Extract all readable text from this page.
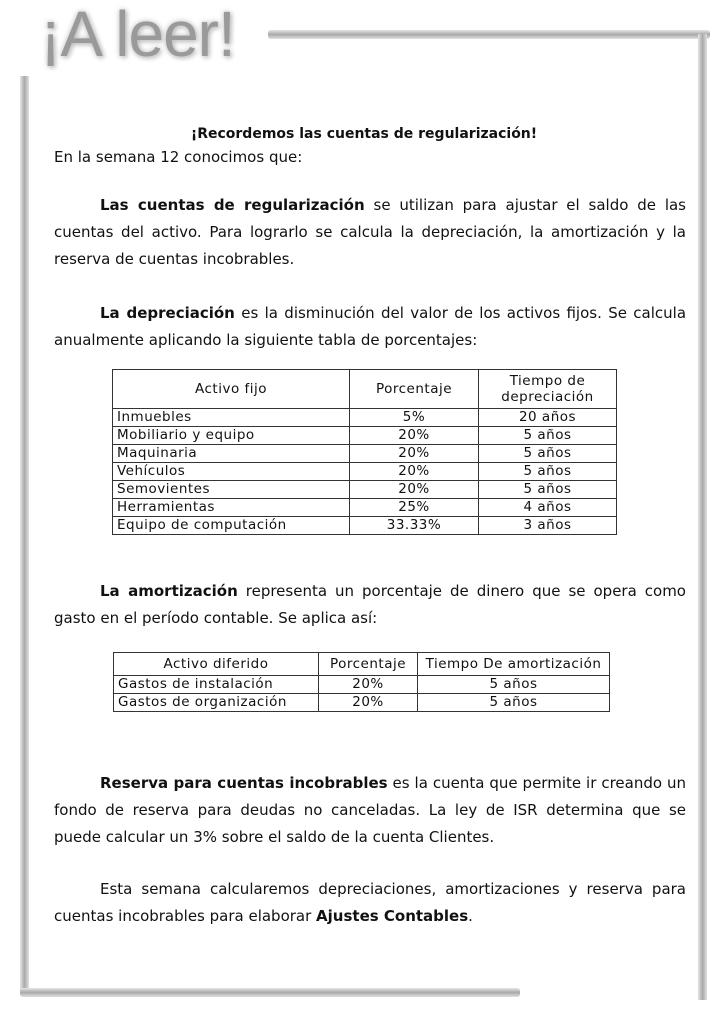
¡A leer!
¡Recordemos las cuentas de regularización!
En la semana 12 conocimos que:
Las cuentas de regularización se utilizan para ajustar el saldo de las cuentas del activo. Para lograrlo se calcula la depreciación, la amortización y la reserva de cuentas incobrables.
La depreciación es la disminución del valor de los activos fijos. Se calcula anualmente aplicando la siguiente tabla de porcentajes:
Activo fijo	Porcentaje	Tiempo de depreciación
Inmuebles	5%	20 años
Mobiliario y equipo	20%	5 años
Maquinaria	20%	5 años
Vehículos	20%	5 años
Semovientes	20%	5 años
Herramientas	25%	4 años
Equipo de computación	33.33%	3 años
La amortización representa un porcentaje de dinero que se opera como gasto en el período contable. Se aplica así:
Activo diferido	Porcentaje	Tiempo De amortización
Gastos de instalación	20%	5 años
Gastos de organización	20%	5 años
Reserva para cuentas incobrables es la cuenta que permite ir creando un fondo de reserva para deudas no canceladas. La ley de ISR determina que se puede calcular un 3% sobre el saldo de la cuenta Clientes.
Esta semana calcularemos depreciaciones, amortizaciones y reserva para cuentas incobrables para elaborar Ajustes Contables.
